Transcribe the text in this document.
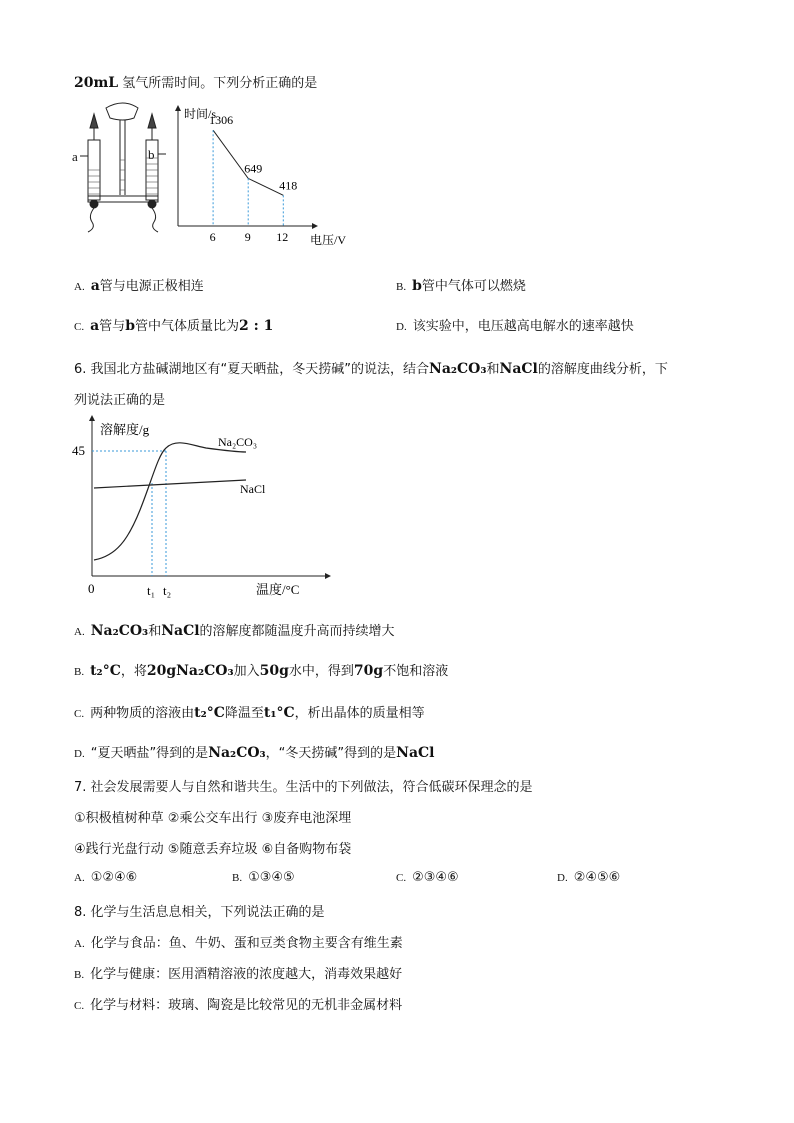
20mL 氢气所需时间。下列分析正确的是
a	b
1306
6
649
9
418
12
时间/s
电压/V
A. a管与电源正极相连	B. b管中气体可以燃烧
C. a管与b管中气体质量比为2 : 1	D. 该实验中，电压越高电解水的速率越快
6. 我国北方盐碱湖地区有“夏天晒盐，冬天捞碱”的说法，结合Na₂CO₃和NaCl的溶解度曲线分析，下
列说法正确的是
溶解度/g
45
0	t₁ t₂	温度/°C
Na₂CO₃
NaCl
A. Na₂CO₃和NaCl的溶解度都随温度升高而持续增大
B. t₂°C，将20gNa₂CO₃加入50g水中，得到70g不饱和溶液
C. 两种物质的溶液由t₂°C降温至t₁°C，析出晶体的质量相等
D. “夏天晒盐”得到的是Na₂CO₃，“冬天捞碱”得到的是NaCl
7. 社会发展需要人与自然和谐共生。生活中的下列做法，符合低碳环保理念的是
①积极植树种草 ②乘公交车出行 ③废弃电池深埋
④践行光盘行动 ⑤随意丢弃垃圾 ⑥自备购物布袋
A. ①②④⑥	B. ①③④⑤	C. ②③④⑥	D. ②④⑤⑥
8. 化学与生活息息相关，下列说法正确的是
A. 化学与食品：鱼、牛奶、蛋和豆类食物主要含有维生素
B. 化学与健康：医用酒精溶液的浓度越大，消毒效果越好
C. 化学与材料：玻璃、陶瓷是比较常见的无机非金属材料
